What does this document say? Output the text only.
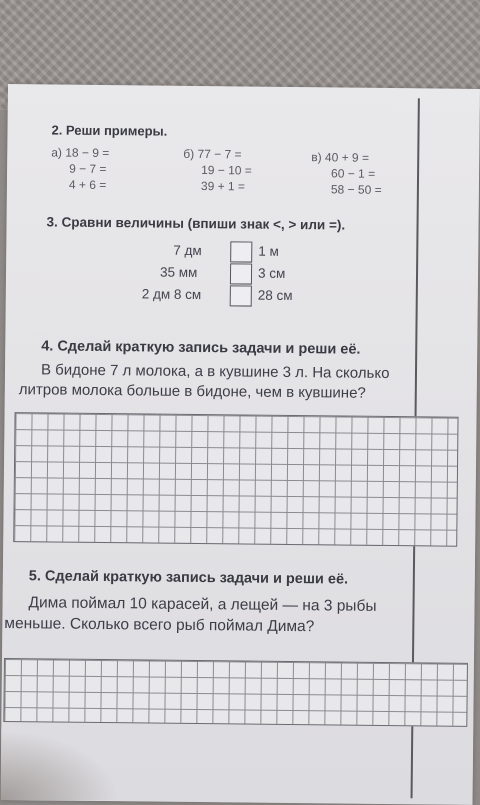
2. Реши примеры.
а) 18 − 9 =
9 − 7 =
4 + 6 =
б) 77 − 7 =
19 − 10 =
39 + 1 =
в) 40 + 9 =
60 − 1 =
58 − 50 =
3. Сравни величины (впиши знак <, > или =).
7 дм	1 м
35 мм	3 см
2 дм 8 см	28 см
4. Сделай краткую запись задачи и реши её.
В бидоне 7 л молока, а в кувшине 3 л. На сколько
литров молока больше в бидоне, чем в кувшине?
5. Сделай краткую запись задачи и реши её.
Дима поймал 10 карасей, а лещей — на 3 рыбы
меньше. Сколько всего рыб поймал Дима?
